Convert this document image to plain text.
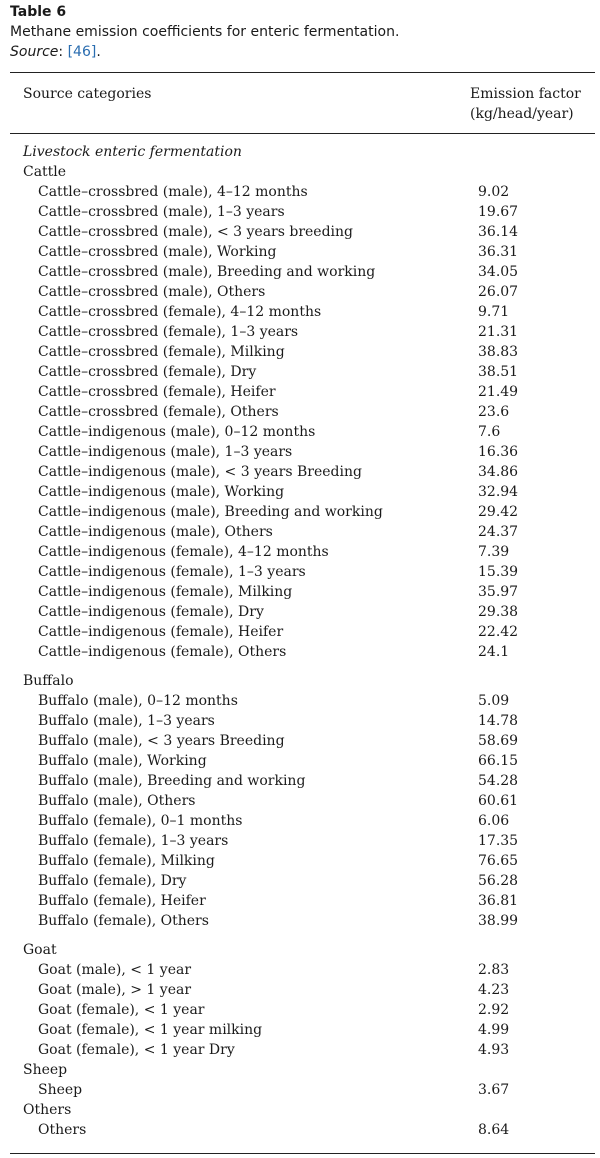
Table 6
Methane emission coefficients for enteric fermentation.
Source: [46].
Source categories	Emission factor
(kg/head/year)
Livestock enteric fermentation
Cattle
Cattle–crossbred (male), 4–12 months	9.02
Cattle–crossbred (male), 1–3 years	19.67
Cattle–crossbred (male), < 3 years breeding	36.14
Cattle–crossbred (male), Working	36.31
Cattle–crossbred (male), Breeding and working	34.05
Cattle–crossbred (male), Others	26.07
Cattle–crossbred (female), 4–12 months	9.71
Cattle–crossbred (female), 1–3 years	21.31
Cattle–crossbred (female), Milking	38.83
Cattle–crossbred (female), Dry	38.51
Cattle–crossbred (female), Heifer	21.49
Cattle–crossbred (female), Others	23.6
Cattle–indigenous (male), 0–12 months	7.6
Cattle–indigenous (male), 1–3 years	16.36
Cattle–indigenous (male), < 3 years Breeding	34.86
Cattle–indigenous (male), Working	32.94
Cattle–indigenous (male), Breeding and working	29.42
Cattle–indigenous (male), Others	24.37
Cattle–indigenous (female), 4–12 months	7.39
Cattle–indigenous (female), 1–3 years	15.39
Cattle–indigenous (female), Milking	35.97
Cattle–indigenous (female), Dry	29.38
Cattle–indigenous (female), Heifer	22.42
Cattle–indigenous (female), Others	24.1
Buffalo
Buffalo (male), 0–12 months	5.09
Buffalo (male), 1–3 years	14.78
Buffalo (male), < 3 years Breeding	58.69
Buffalo (male), Working	66.15
Buffalo (male), Breeding and working	54.28
Buffalo (male), Others	60.61
Buffalo (female), 0–1 months	6.06
Buffalo (female), 1–3 years	17.35
Buffalo (female), Milking	76.65
Buffalo (female), Dry	56.28
Buffalo (female), Heifer	36.81
Buffalo (female), Others	38.99
Goat
Goat (male), < 1 year	2.83
Goat (male), > 1 year	4.23
Goat (female), < 1 year	2.92
Goat (female), < 1 year milking	4.99
Goat (female), < 1 year Dry	4.93
Sheep
Sheep	3.67
Others
Others	8.64
